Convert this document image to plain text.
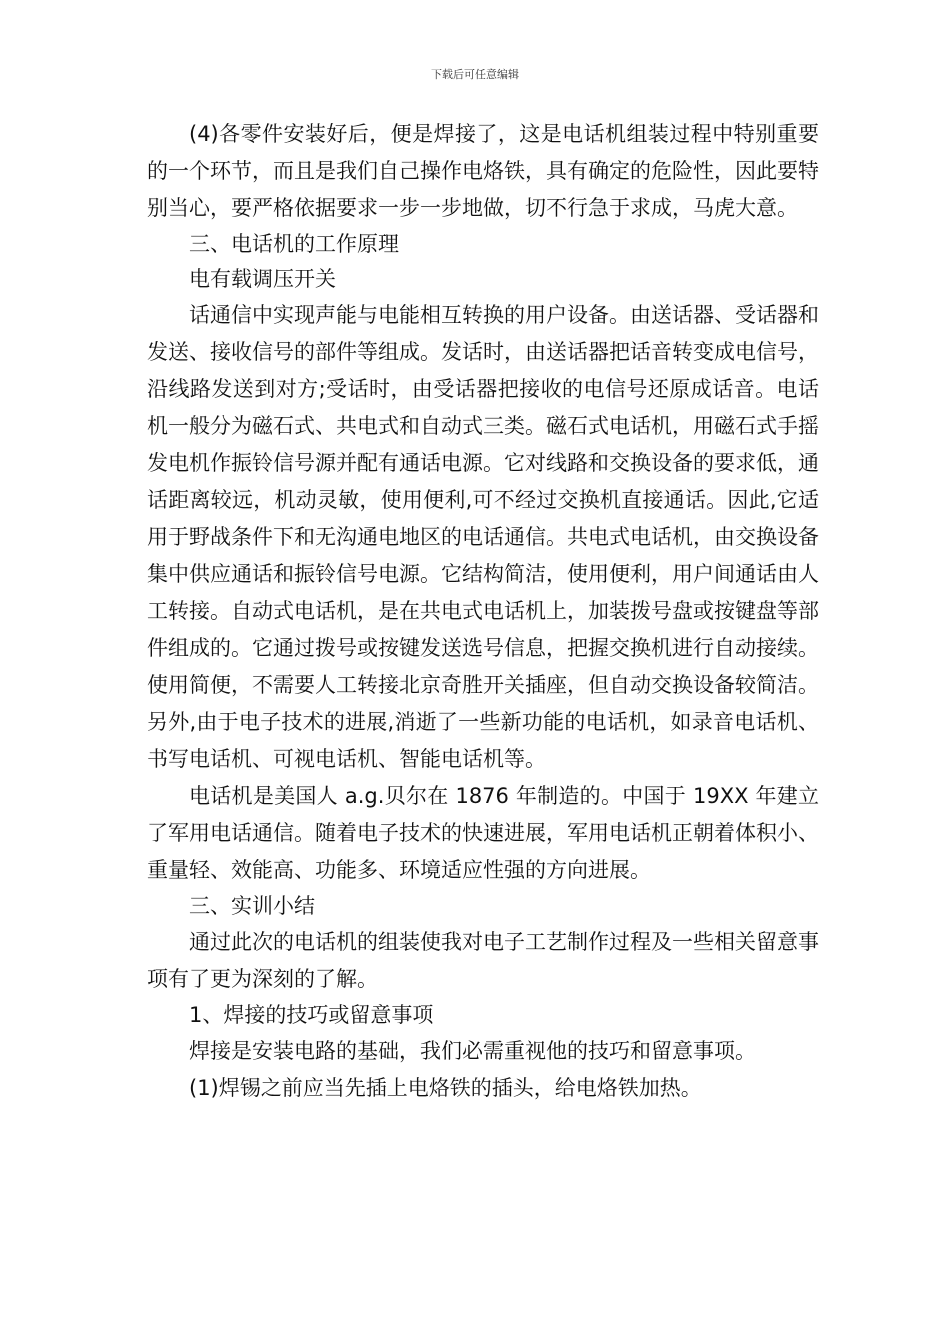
下载后可任意编辑

(4)各零件安装好后，便是焊接了，这是电话机组装过程中特别重要的一个环节，而且是我们自己操作电烙铁，具有确定的危险性，因此要特别当心，要严格依据要求一步一步地做，切不行急于求成，马虎大意。

三、电话机的工作原理

电有载调压开关

话通信中实现声能与电能相互转换的用户设备。由送话器、受话器和发送、接收信号的部件等组成。发话时，由送话器把话音转变成电信号，沿线路发送到对方;受话时，由受话器把接收的电信号还原成话音。电话机一般分为磁石式、共电式和自动式三类。磁石式电话机，用磁石式手摇发电机作振铃信号源并配有通话电源。它对线路和交换设备的要求低，通话距离较远，机动灵敏，使用便利,可不经过交换机直接通话。因此,它适用于野战条件下和无沟通电地区的电话通信。共电式电话机，由交换设备集中供应通话和振铃信号电源。它结构简洁，使用便利，用户间通话由人工转接。自动式电话机，是在共电式电话机上，加装拨号盘或按键盘等部件组成的。它通过拨号或按键发送选号信息，把握交换机进行自动接续。使用简便，不需要人工转接北京奇胜开关插座，但自动交换设备较简洁。另外,由于电子技术的进展,消逝了一些新功能的电话机，如录音电话机、书写电话机、可视电话机、智能电话机等。

电话机是美国人 a.g.贝尔在 1876 年制造的。中国于 19XX 年建立了军用电话通信。随着电子技术的快速进展，军用电话机正朝着体积小、重量轻、效能高、功能多、环境适应性强的方向进展。

三、实训小结

通过此次的电话机的组装使我对电子工艺制作过程及一些相关留意事项有了更为深刻的了解。

1、焊接的技巧或留意事项

焊接是安装电路的基础，我们必需重视他的技巧和留意事项。

(1)焊锡之前应当先插上电烙铁的插头，给电烙铁加热。
